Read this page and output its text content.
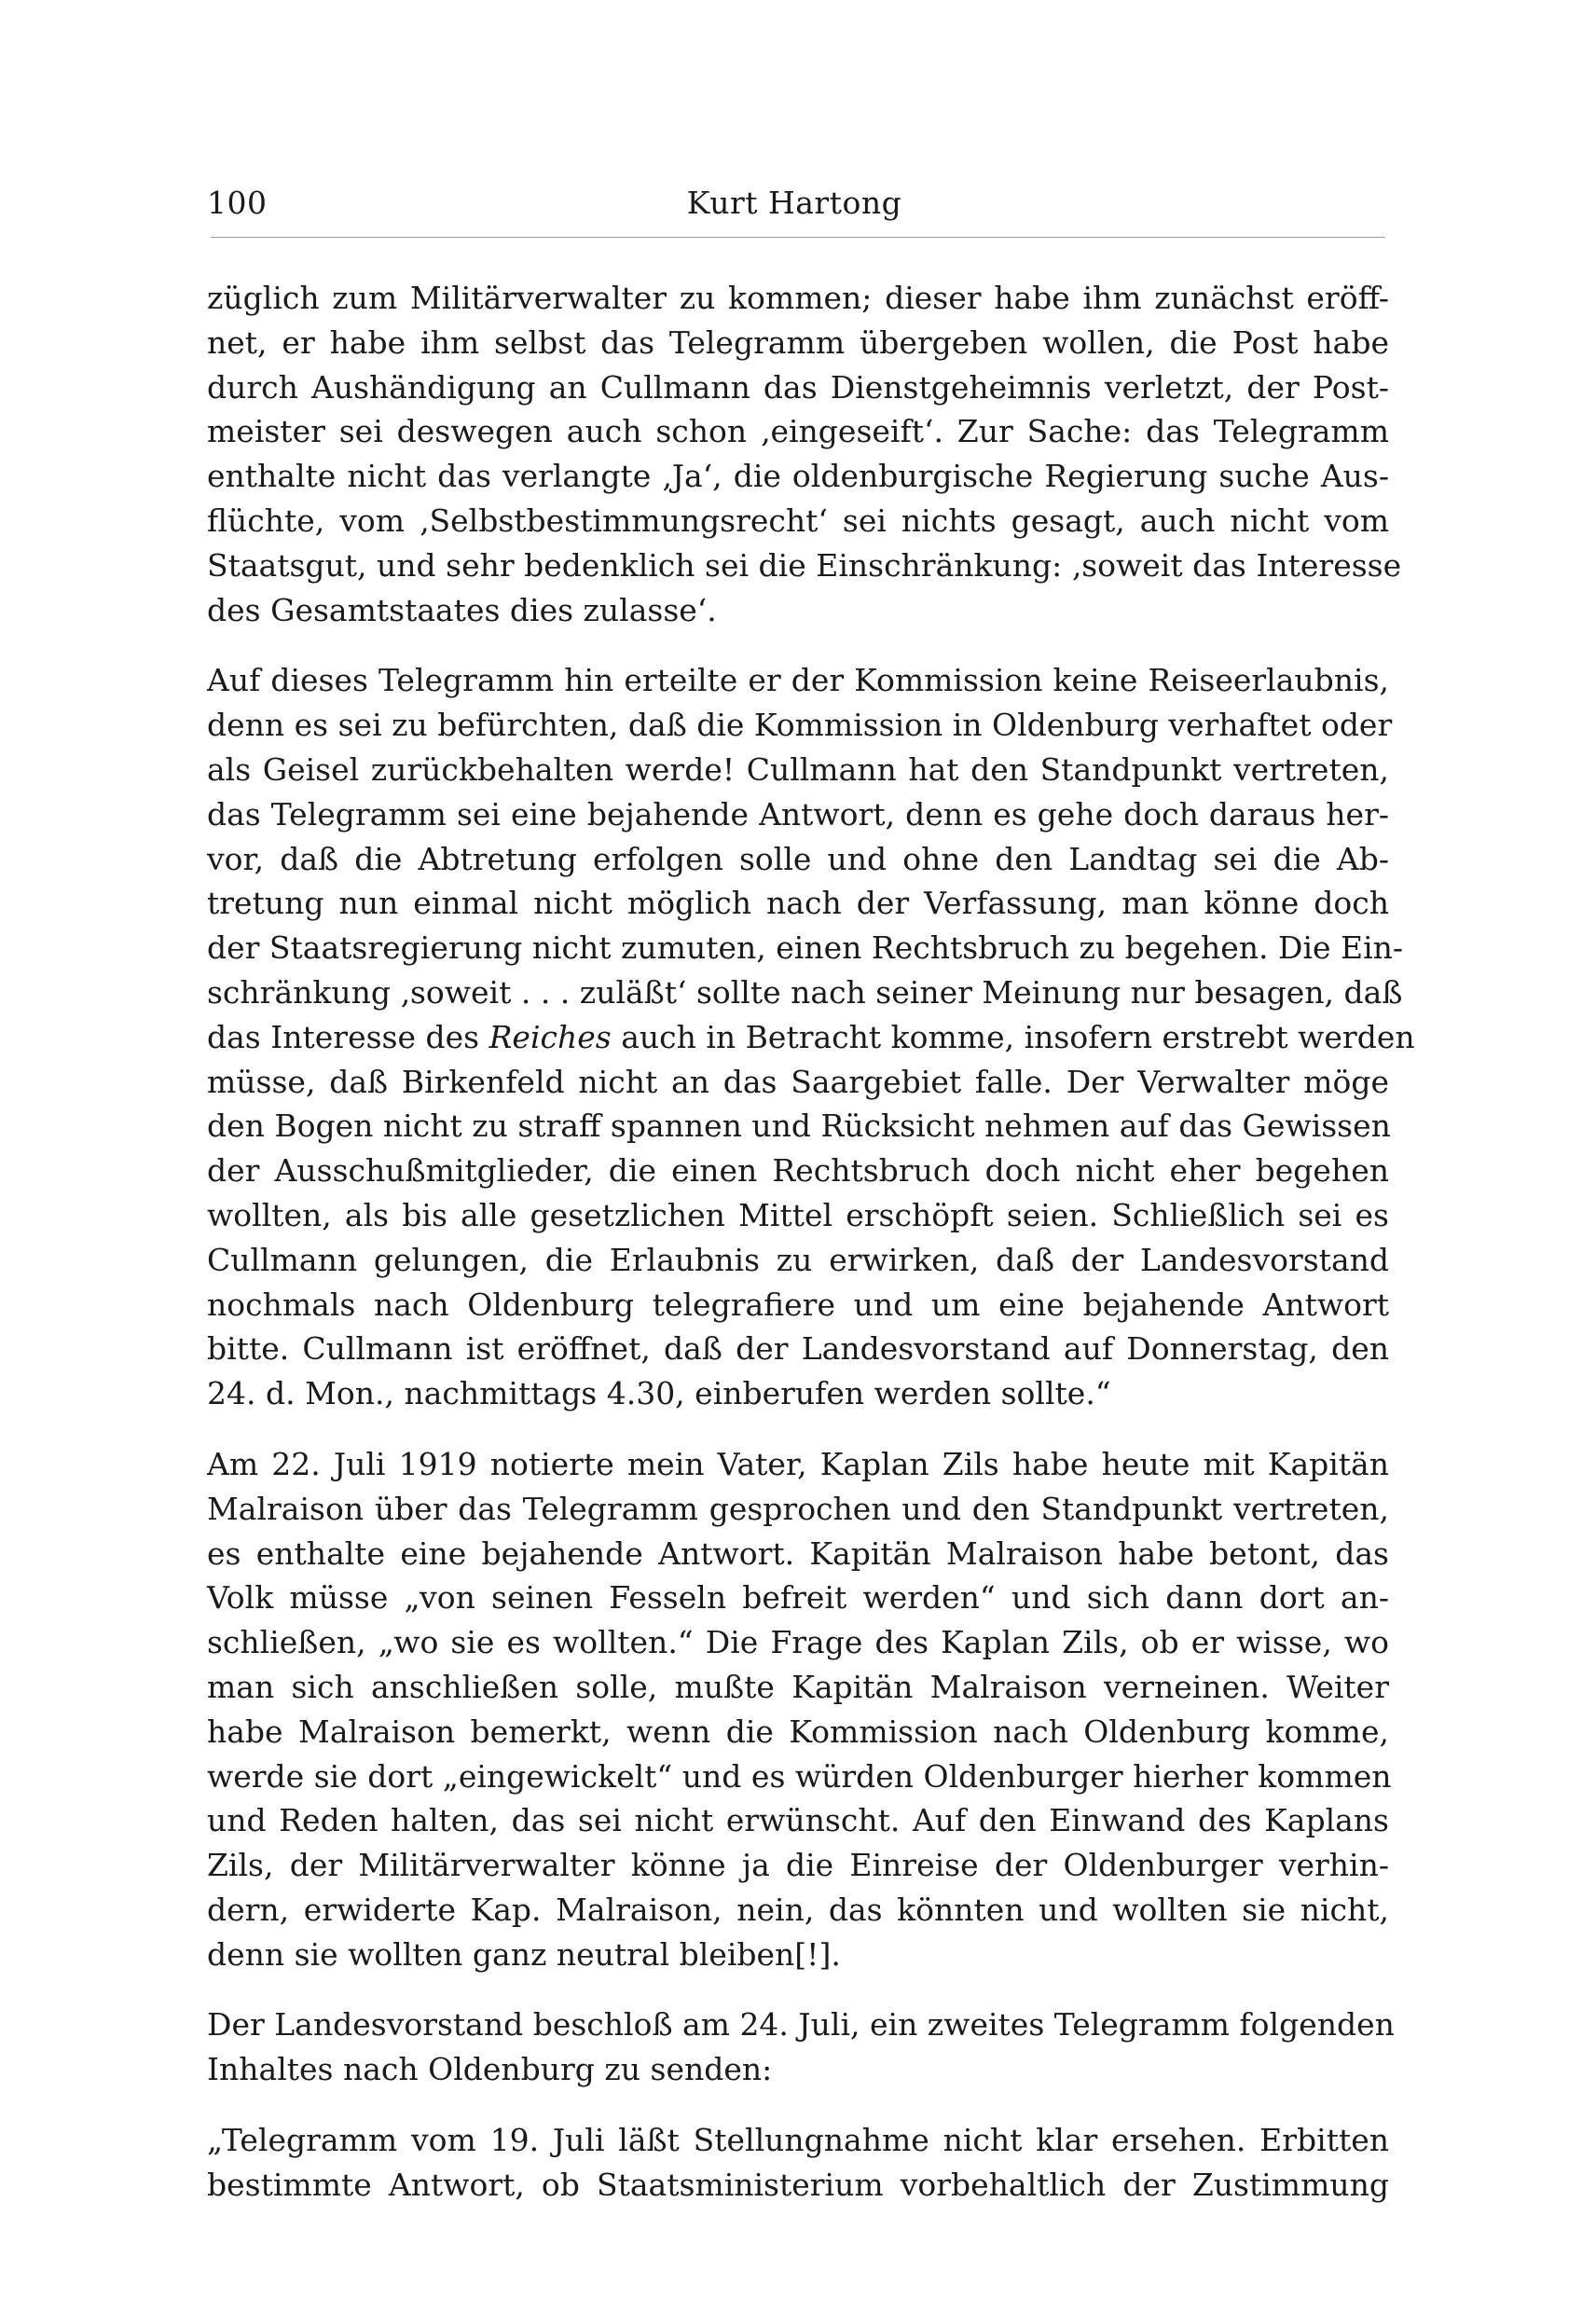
100	Kurt Hartong
züglich zum Militärverwalter zu kommen; dieser habe ihm zunächst eröff-
net, er habe ihm selbst das Telegramm übergeben wollen, die Post habe
durch Aushändigung an Cullmann das Dienstgeheimnis verletzt, der Post-
meister sei deswegen auch schon ‚eingeseift‘. Zur Sache: das Telegramm
enthalte nicht das verlangte ‚Ja‘, die oldenburgische Regierung suche Aus-
flüchte, vom ‚Selbstbestimmungsrecht‘ sei nichts gesagt, auch nicht vom
Staatsgut, und sehr bedenklich sei die Einschränkung: ‚soweit das Interesse
des Gesamtstaates dies zulasse‘.
Auf dieses Telegramm hin erteilte er der Kommission keine Reiseerlaubnis,
denn es sei zu befürchten, daß die Kommission in Oldenburg verhaftet oder
als Geisel zurückbehalten werde! Cullmann hat den Standpunkt vertreten,
das Telegramm sei eine bejahende Antwort, denn es gehe doch daraus her-
vor, daß die Abtretung erfolgen solle und ohne den Landtag sei die Ab-
tretung nun einmal nicht möglich nach der Verfassung, man könne doch
der Staatsregierung nicht zumuten, einen Rechtsbruch zu begehen. Die Ein-
schränkung ‚soweit . . . zuläßt‘ sollte nach seiner Meinung nur besagen, daß
das Interesse des Reiches auch in Betracht komme, insofern erstrebt werden
müsse, daß Birkenfeld nicht an das Saargebiet falle. Der Verwalter möge
den Bogen nicht zu straff spannen und Rücksicht nehmen auf das Gewissen
der Ausschußmitglieder, die einen Rechtsbruch doch nicht eher begehen
wollten, als bis alle gesetzlichen Mittel erschöpft seien. Schließlich sei es
Cullmann gelungen, die Erlaubnis zu erwirken, daß der Landesvorstand
nochmals nach Oldenburg telegrafiere und um eine bejahende Antwort
bitte. Cullmann ist eröffnet, daß der Landesvorstand auf Donnerstag, den
24. d. Mon., nachmittags 4.30, einberufen werden sollte.“
Am 22. Juli 1919 notierte mein Vater, Kaplan Zils habe heute mit Kapitän
Malraison über das Telegramm gesprochen und den Standpunkt vertreten,
es enthalte eine bejahende Antwort. Kapitän Malraison habe betont, das
Volk müsse „von seinen Fesseln befreit werden“ und sich dann dort an-
schließen, „wo sie es wollten.“ Die Frage des Kaplan Zils, ob er wisse, wo
man sich anschließen solle, mußte Kapitän Malraison verneinen. Weiter
habe Malraison bemerkt, wenn die Kommission nach Oldenburg komme,
werde sie dort „eingewickelt“ und es würden Oldenburger hierher kommen
und Reden halten, das sei nicht erwünscht. Auf den Einwand des Kaplans
Zils, der Militärverwalter könne ja die Einreise der Oldenburger verhin-
dern, erwiderte Kap. Malraison, nein, das könnten und wollten sie nicht,
denn sie wollten ganz neutral bleiben[!].
Der Landesvorstand beschloß am 24. Juli, ein zweites Telegramm folgenden
Inhaltes nach Oldenburg zu senden:
„Telegramm vom 19. Juli läßt Stellungnahme nicht klar ersehen. Erbitten
bestimmte Antwort, ob Staatsministerium vorbehaltlich der Zustimmung
